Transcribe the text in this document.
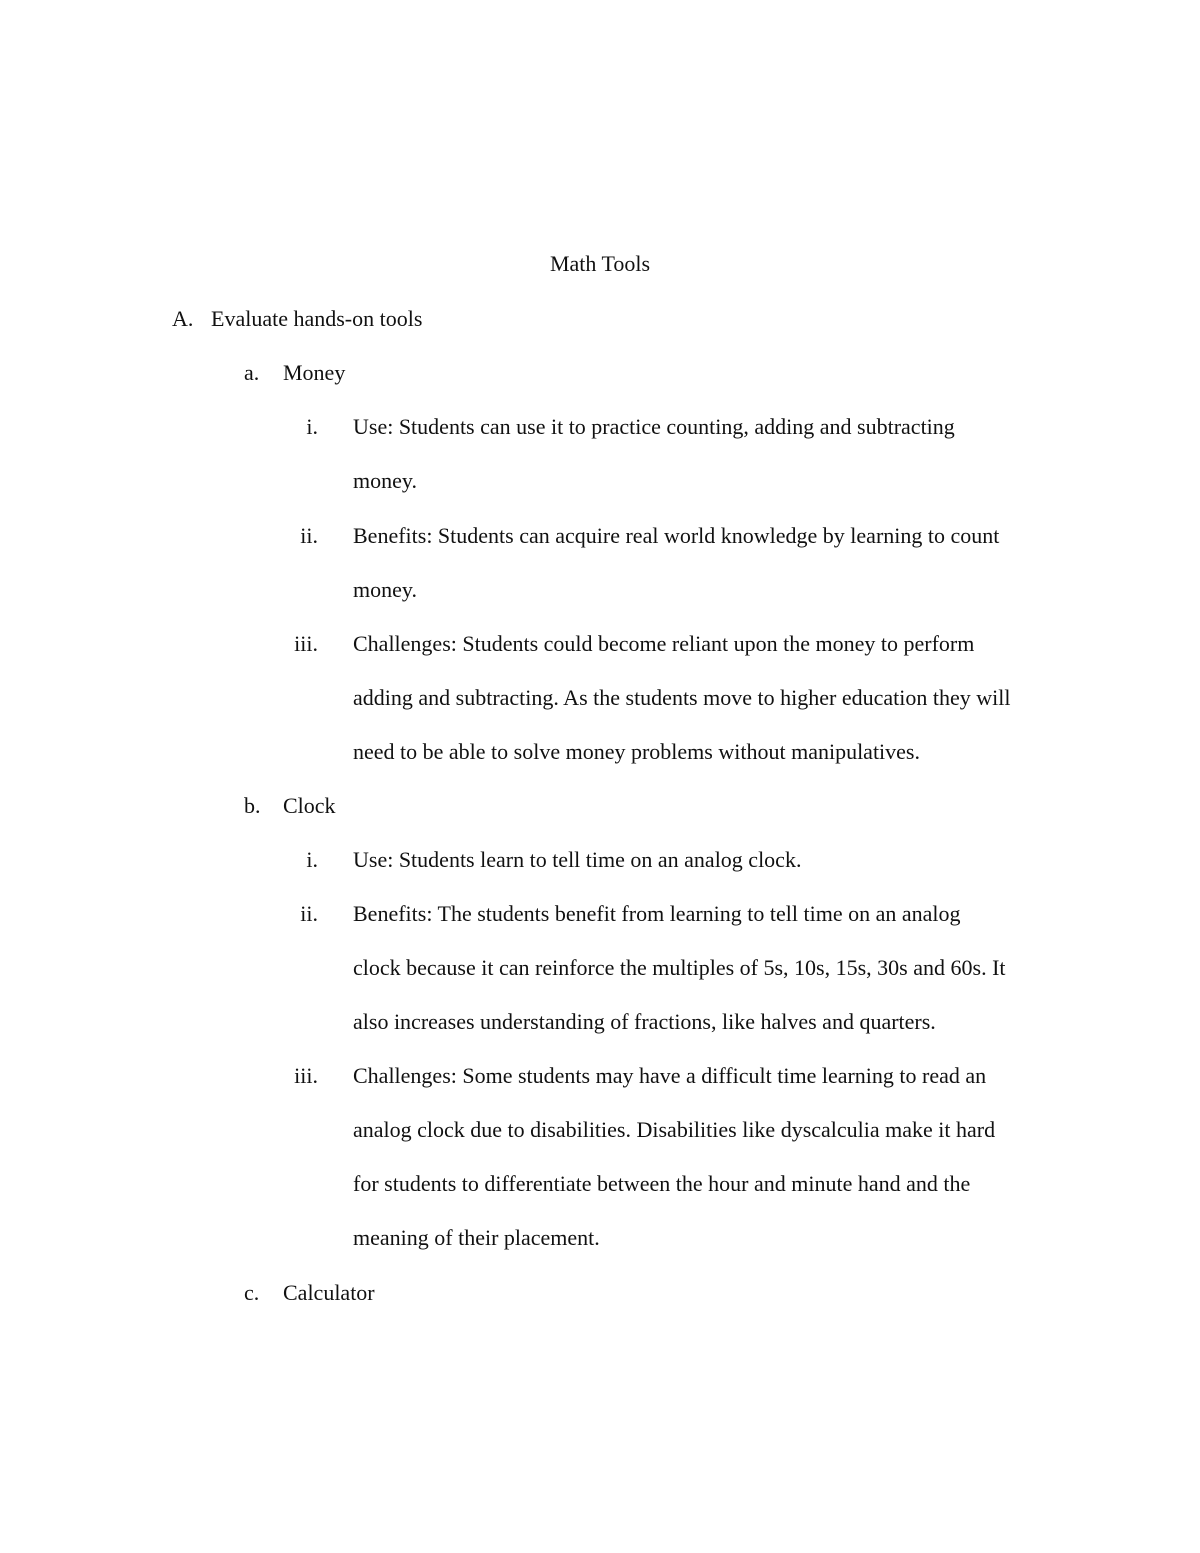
Math Tools
A. Evaluate hands-on tools
a.	Money
i. Use: Students can use it to practice counting, adding and subtracting
money.
ii. Benefits: Students can acquire real world knowledge by learning to count
money.
iii. Challenges: Students could become reliant upon the money to perform
adding and subtracting. As the students move to higher education they will
need to be able to solve money problems without manipulatives.
b.	Clock
i. Use: Students learn to tell time on an analog clock.
ii. Benefits: The students benefit from learning to tell time on an analog
clock because it can reinforce the multiples of 5s, 10s, 15s, 30s and 60s. It
also increases understanding of fractions, like halves and quarters.
iii. Challenges: Some students may have a difficult time learning to read an
analog clock due to disabilities. Disabilities like dyscalculia make it hard
for students to differentiate between the hour and minute hand and the
meaning of their placement.
c.	Calculator
